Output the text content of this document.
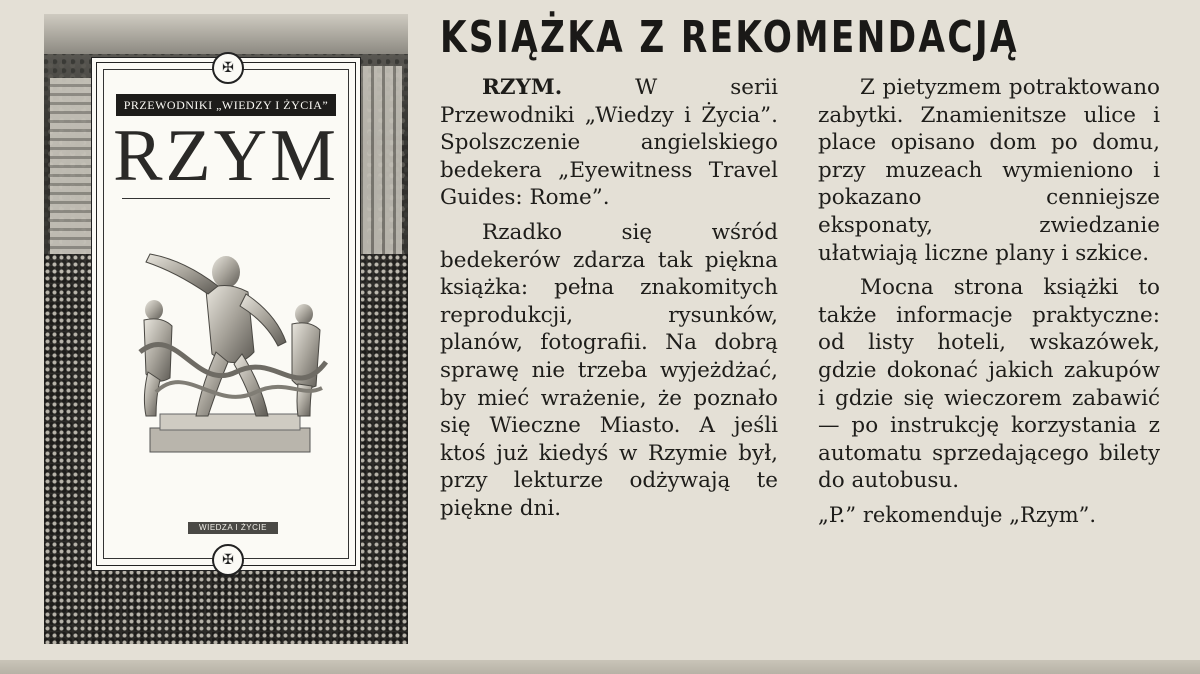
✠
PRZEWODNIKI „WIEDZY I ŻYCIA”
RZYM
WIEDZA I ŻYCIE
✠
KSIĄŻKA Z REKOMENDACJĄ

RZYM. W serii Przewodniki „Wiedzy i Życia”. Spolszczenie angielskiego bedekera „Eyewitness Travel Guides: Rome”.

Rzadko się wśród bedekerów zdarza tak piękna książka: pełna znakomitych reprodukcji, rysunków, planów, fotografii. Na dobrą sprawę nie trzeba wyjeżdżać, by mieć wrażenie, że poznało się Wieczne Miasto. A jeśli ktoś już kiedyś w Rzymie był, przy lekturze odżywają te piękne dni.

Z pietyzmem potraktowano zabytki. Znamienitsze ulice i place opisano dom po domu, przy muzeach wymieniono i pokazano cenniejsze eksponaty, zwiedzanie ułatwiają liczne plany i szkice.

Mocna strona książki to także informacje praktyczne: od listy hoteli, wskazówek, gdzie dokonać jakich zakupów i gdzie się wieczorem zabawić — po instrukcję korzystania z automatu sprzedającego bilety do autobusu.

„P.” rekomenduje „Rzym”.
